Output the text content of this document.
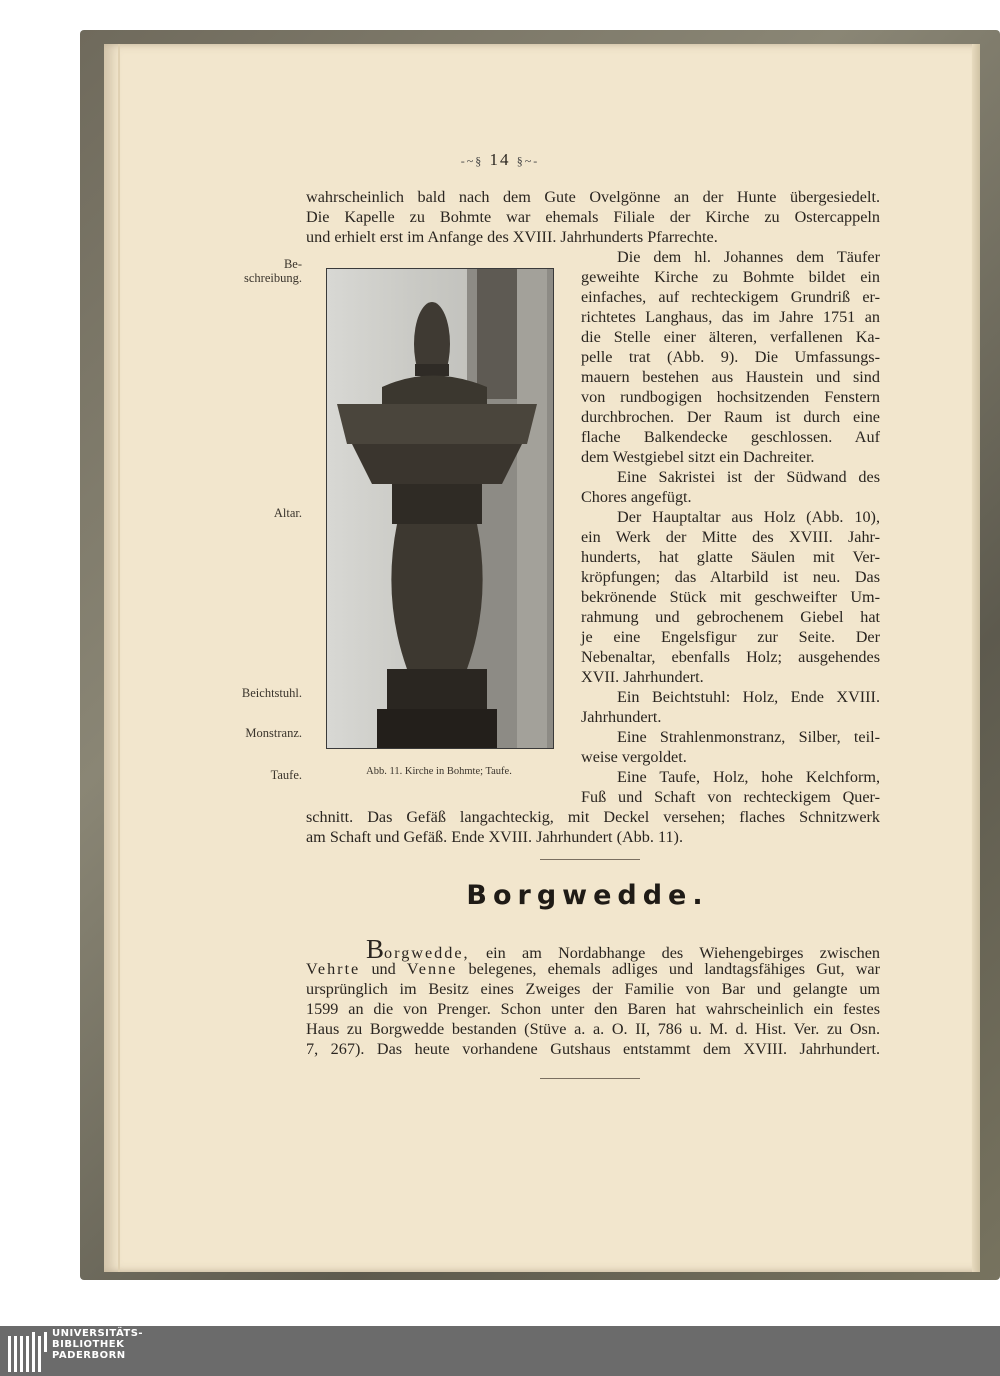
-~§ 14 §~-
wahrscheinlich bald nach dem Gute Ovelgönne an der Hunte übergesiedelt.
Die Kapelle zu Bohmte war ehemals Filiale der Kirche zu Ostercappeln
und erhielt erst im Anfange des XVIII. Jahrhunderts Pfarrechte.
Be-
schreibung.
Altar.
Beichtstuhl.
Monstranz.
Taufe.	Abb. 11. Kirche in Bohmte; Taufe.
Die dem hl. Johannes dem Täufer
geweihte Kirche zu Bohmte bildet ein
einfaches, auf rechteckigem Grundriß er-
richtetes Langhaus, das im Jahre 1751 an
die Stelle einer älteren, verfallenen Ka-
pelle trat (Abb. 9). Die Umfassungs-
mauern bestehen aus Haustein und sind
von rundbogigen hochsitzenden Fenstern
durchbrochen. Der Raum ist durch eine
flache Balkendecke geschlossen. Auf
dem Westgiebel sitzt ein Dachreiter.
Eine Sakristei ist der Südwand des
Chores angefügt.
Der Hauptaltar aus Holz (Abb. 10),
ein Werk der Mitte des XVIII. Jahr-
hunderts, hat glatte Säulen mit Ver-
kröpfungen; das Altarbild ist neu. Das
bekrönende Stück mit geschweifter Um-
rahmung und gebrochenem Giebel hat
je eine Engelsfigur zur Seite. Der
Nebenaltar, ebenfalls Holz; ausgehendes
XVII. Jahrhundert.
Ein Beichtstuhl: Holz, Ende XVIII.
Jahrhundert.
Eine Strahlenmonstranz, Silber, teil-
weise vergoldet.
Eine Taufe, Holz, hohe Kelchform,
Fuß und Schaft von rechteckigem Quer-
schnitt. Das Gefäß langachteckig, mit Deckel versehen; flaches Schnitzwerk
am Schaft und Gefäß. Ende XVIII. Jahrhundert (Abb. 11).
Borgwedde.
Borgwedde, ein am Nordabhange des Wiehengebirges zwischen
Vehrte und Venne belegenes, ehemals adliges und landtagsfähiges Gut, war
ursprünglich im Besitz eines Zweiges der Familie von Bar und gelangte um
1599 an die von Prenger. Schon unter den Baren hat wahrscheinlich ein festes
Haus zu Borgwedde bestanden (Stüve a. a. O. II, 786 u. M. d. Hist. Ver. zu Osn.
7, 267). Das heute vorhandene Gutshaus entstammt dem XVIII. Jahrhundert.
UNIVERSITÄTS-
BIBLIOTHEK
PADERBORN
